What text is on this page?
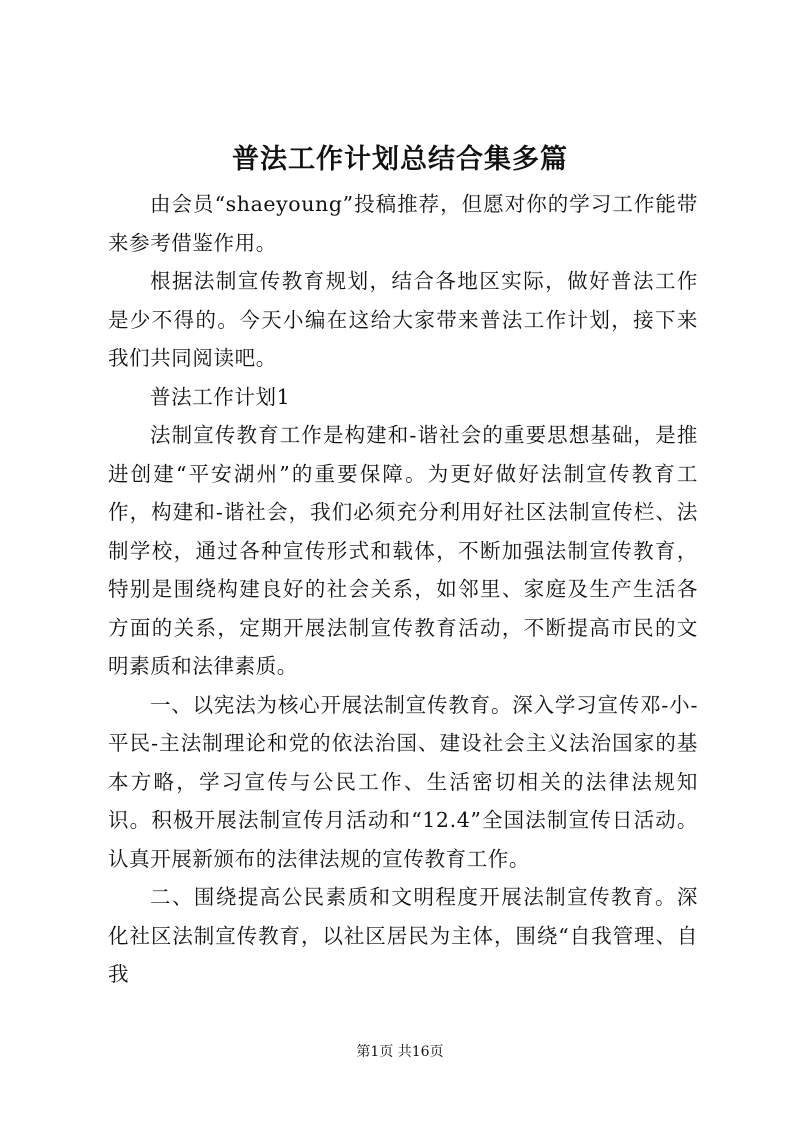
普法工作计划总结合集多篇

由会员“shaeyoung”投稿推荐，但愿对你的学习工作能带来参考借鉴作用。

根据法制宣传教育规划，结合各地区实际，做好普法工作是少不得的。今天小编在这给大家带来普法工作计划，接下来我们共同阅读吧。

普法工作计划1

法制宣传教育工作是构建和-谐社会的重要思想基础，是推进创建“平安湖州”的重要保障。为更好做好法制宣传教育工作，构建和-谐社会，我们必须充分利用好社区法制宣传栏、法制学校，通过各种宣传形式和载体，不断加强法制宣传教育，特别是围绕构建良好的社会关系，如邻里、家庭及生产生活各方面的关系，定期开展法制宣传教育活动，不断提高市民的文明素质和法律素质。

一、以宪法为核心开展法制宣传教育。深入学习宣传邓-小-平民-主法制理论和党的依法治国、建设社会主义法治国家的基本方略，学习宣传与公民工作、生活密切相关的法律法规知识。积极开展法制宣传月活动和“12.4”全国法制宣传日活动。认真开展新颁布的法律法规的宣传教育工作。

二、围绕提高公民素质和文明程度开展法制宣传教育。深化社区法制宣传教育，以社区居民为主体，围绕“自我管理、自我

第1页 共16页
